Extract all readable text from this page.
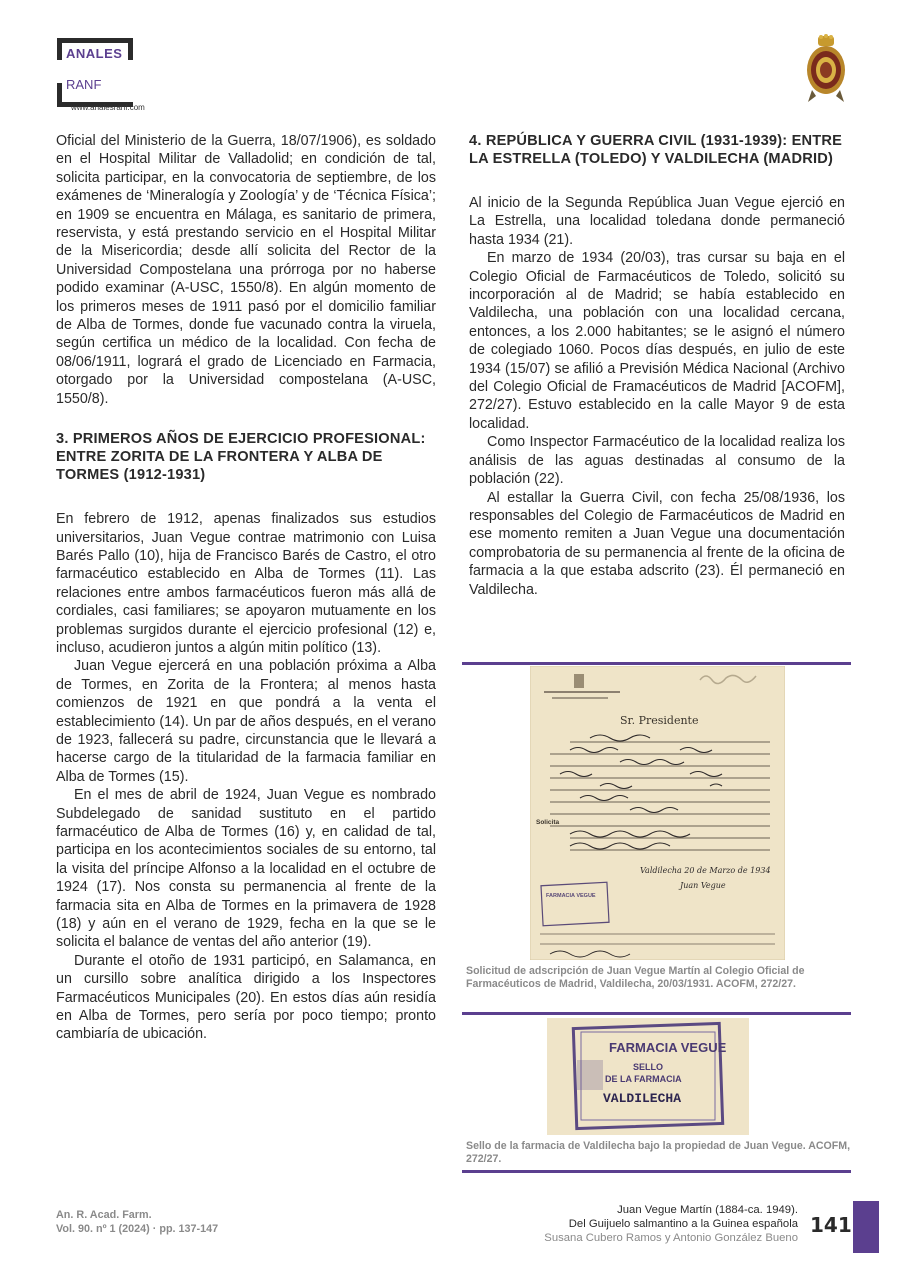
ANALES
RANF
www.analesranf.com

Oficial del Ministerio de la Guerra, 18/07/1906), es soldado en el Hospital Militar de Valladolid; en condición de tal, solicita participar, en la convocatoria de septiembre, de los exámenes de ‘Mineralogía y Zoología’ y de ‘Técnica Física’; en 1909 se encuentra en Málaga, es sanitario de primera, reservista, y está prestando servicio en el Hospital Militar de la Misericordia; desde allí solicita del Rector de la Universidad Compostelana una prórroga por no haberse podido examinar (A-USC, 1550/8). En algún momento de los primeros meses de 1911 pasó por el domicilio familiar de Alba de Tormes, donde fue vacunado contra la viruela, según certifica un médico de la localidad. Con fecha de 08/06/1911, logrará el grado de Licenciado en Farmacia, otorgado por la Universidad compostelana (A-USC, 1550/8).

3. PRIMEROS AÑOS DE EJERCICIO PROFESIONAL: ENTRE ZORITA DE LA FRONTERA Y ALBA DE TORMES (1912-1931)

En febrero de 1912, apenas finalizados sus estudios universitarios, Juan Vegue contrae matrimonio con Luisa Barés Pallo (10), hija de Francisco Barés de Castro, el otro farmacéutico establecido en Alba de Tormes (11). Las relaciones entre ambos farmacéuticos fueron más allá de cordiales, casi familiares; se apoyaron mutuamente en los problemas surgidos durante el ejercicio profesional (12) e, incluso, acudieron juntos a algún mitin político (13).

Juan Vegue ejercerá en una población próxima a Alba de Tormes, en Zorita de la Frontera; al menos hasta comienzos de 1921 en que pondrá a la venta el establecimiento (14). Un par de años después, en el verano de 1923, fallecerá su padre, circunstancia que le llevará a hacerse cargo de la titularidad de la farmacia familiar en Alba de Tormes (15).

En el mes de abril de 1924, Juan Vegue es nombrado Subdelegado de sanidad sustituto en el partido farmacéutico de Alba de Tormes (16) y, en calidad de tal, participa en los acontecimientos sociales de su entorno, tal la visita del príncipe Alfonso a la localidad en el octubre de 1924 (17). Nos consta su permanencia al frente de la farmacia sita en Alba de Tormes en la primavera de 1928 (18) y aún en el verano de 1929, fecha en la que se le solicita el balance de ventas del año anterior (19).

Durante el otoño de 1931 participó, en Salamanca, en un cursillo sobre analítica dirigido a los Inspectores Farmacéuticos Municipales (20). En estos días aún residía en Alba de Tormes, pero sería por poco tiempo; pronto cambiaría de ubicación.

4. REPÚBLICA Y GUERRA CIVIL (1931-1939): ENTRE LA ESTRELLA (TOLEDO) Y VALDILECHA (MADRID)

Al inicio de la Segunda República Juan Vegue ejerció en La Estrella, una localidad toledana donde permaneció hasta 1934 (21).

En marzo de 1934 (20/03), tras cursar su baja en el Colegio Oficial de Farmacéuticos de Toledo, solicitó su incorporación al de Madrid; se había establecido en Valdilecha, una población con una localidad cercana, entonces, a los 2.000 habitantes; se le asignó el número de colegiado 1060. Pocos días después, en julio de este 1934 (15/07) se afilió a Previsión Médica Nacional (Archivo del Colegio Oficial de Framacéuticos de Madrid [ACOFM], 272/27). Estuvo establecido en la calle Mayor 9 de esta localidad.

Como Inspector Farmacéutico de la localidad realiza los análisis de las aguas destinadas al consumo de la población (22).

Al estallar la Guerra Civil, con fecha 25/08/1936, los responsables del Colegio de Farmacéuticos de Madrid en ese momento remiten a Juan Vegue una documentación comprobatoria de su permanencia al frente de la oficina de farmacia a la que estaba adscrito (23). Él permaneció en Valdilecha.

Sr. Presidente
Solicita
Valdilecha 20 de Marzo de 1934
Juan Vegue
FARMACIA VEGUE
Solicitud de adscripción de Juan Vegue Martín al Colegio Oficial de Farmacéuticos de Madrid, Valdilecha, 20/03/1931. ACOFM, 272/27.
FARMACIA VEGUE
SELLO
DE LA FARMACIA
VALDILECHA
Sello de la farmacia de Valdilecha bajo la propiedad de Juan Vegue. ACOFM, 272/27.
An. R. Acad. Farm.
Vol. 90. nº 1 (2024) · pp. 137-147
Juan Vegue Martín (1884-ca. 1949).
Del Guijuelo salmantino a la Guinea española
Susana Cubero Ramos y Antonio González Bueno
141
